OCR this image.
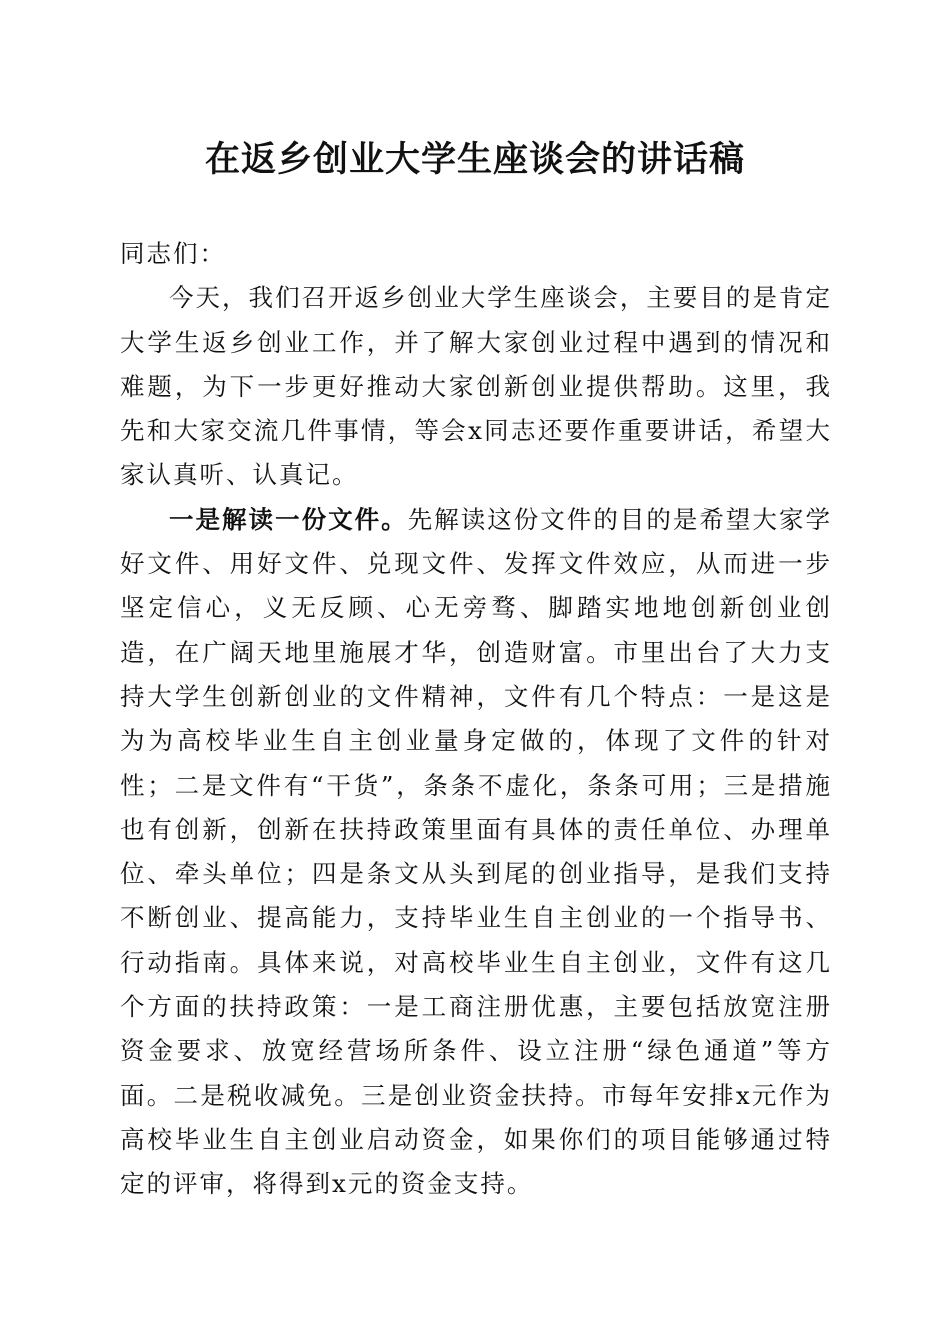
在返乡创业大学生座谈会的讲话稿

同志们：

今天，我们召开返乡创业大学生座谈会，主要目的是肯定大学生返乡创业工作，并了解大家创业过程中遇到的情况和难题，为下一步更好推动大家创新创业提供帮助。这里，我先和大家交流几件事情，等会x同志还要作重要讲话，希望大家认真听、认真记。

一是解读一份文件。先解读这份文件的目的是希望大家学好文件、用好文件、兑现文件、发挥文件效应，从而进一步坚定信心，义无反顾、心无旁骛、脚踏实地地创新创业创造，在广阔天地里施展才华，创造财富。市里出台了大力支持大学生创新创业的文件精神，文件有几个特点：一是这是为为高校毕业生自主创业量身定做的，体现了文件的针对性；二是文件有“干货”，条条不虚化，条条可用；三是措施也有创新，创新在扶持政策里面有具体的责任单位、办理单位、牵头单位；四是条文从头到尾的创业指导，是我们支持不断创业、提高能力，支持毕业生自主创业的一个指导书、行动指南。具体来说，对高校毕业生自主创业，文件有这几个方面的扶持政策：一是工商注册优惠，主要包括放宽注册资金要求、放宽经营场所条件、设立注册“绿色通道”等方面。二是税收减免。三是创业资金扶持。市每年安排x元作为高校毕业生自主创业启动资金，如果你们的项目能够通过特定的评审，将得到x元的资金支持。
